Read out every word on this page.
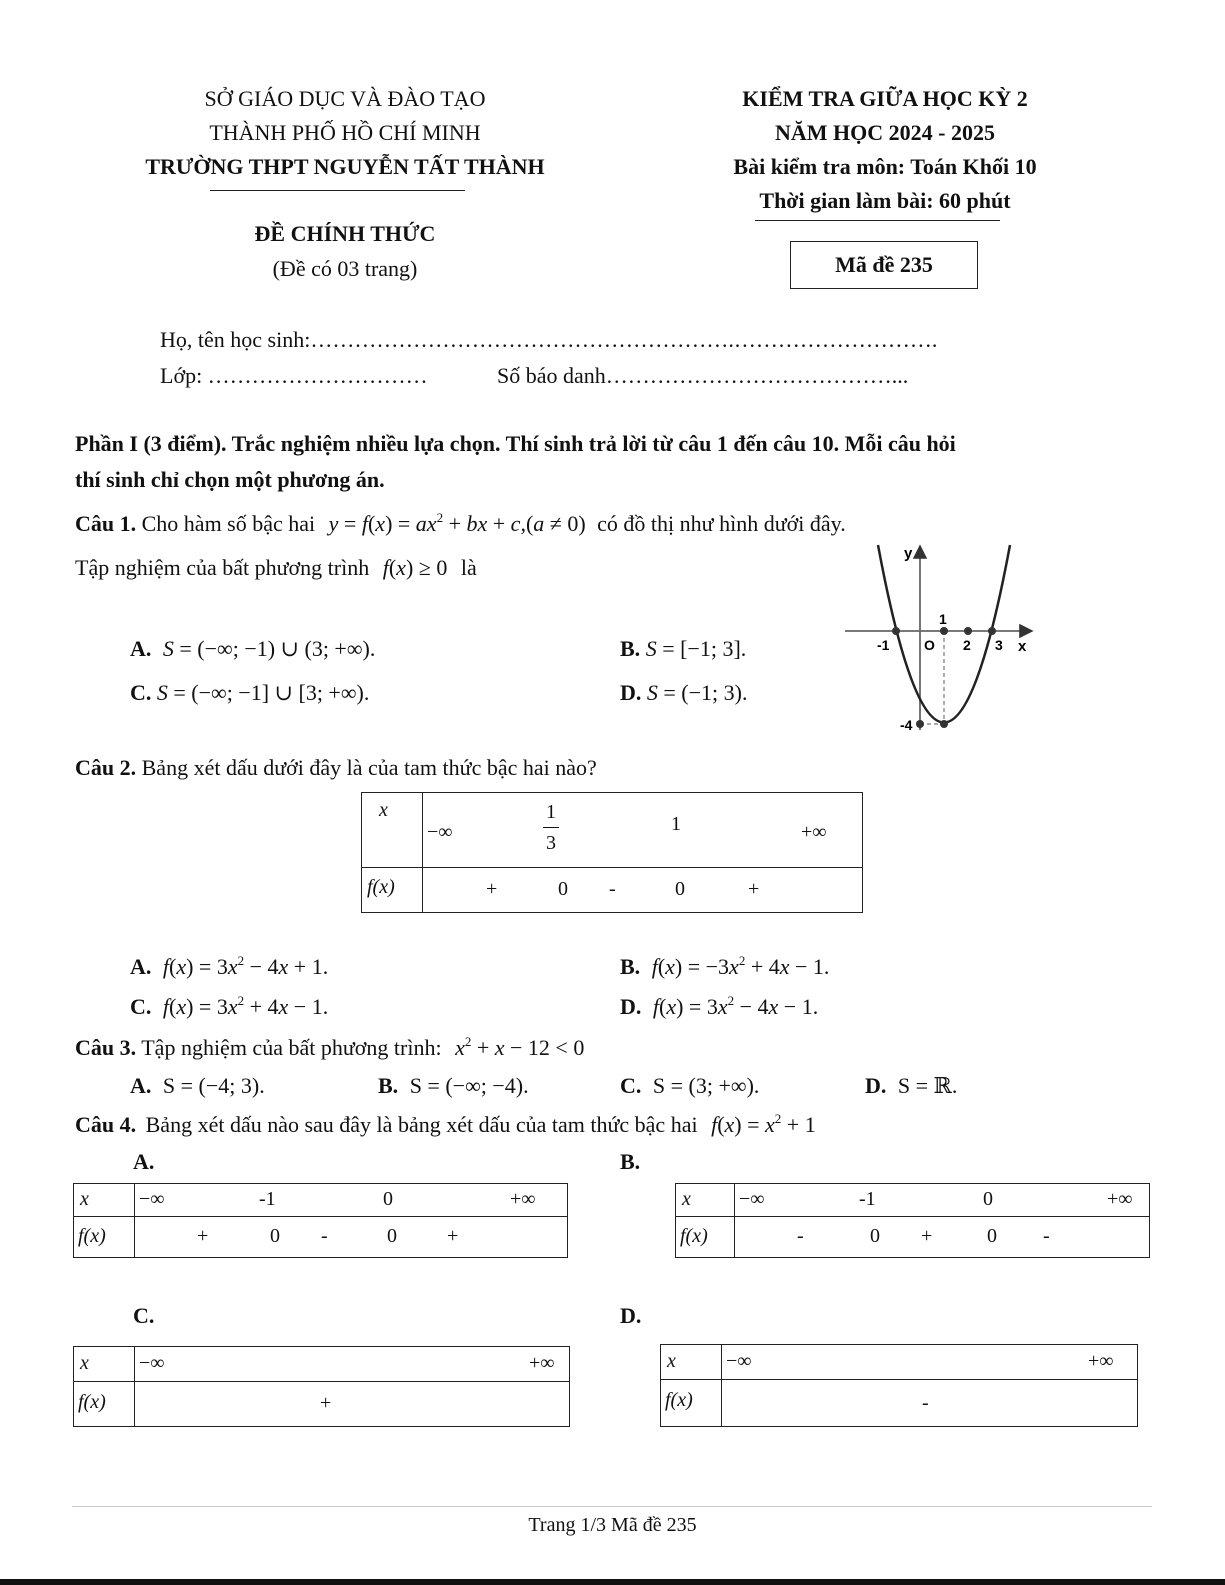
SỞ GIÁO DỤC VÀ ĐÀO TẠO
THÀNH PHỐ HỒ CHÍ MINH
TRƯỜNG THPT NGUYỄN TẤT THÀNH
ĐỀ CHÍNH THỨC
(Đề có 03 trang)
KIỂM TRA GIỮA HỌC KỲ 2
NĂM HỌC 2024 - 2025
Bài kiểm tra môn: Toán Khối 10
Thời gian làm bài: 60 phút
Mã đề 235
Họ, tên học sinh:………………………………………………….……………………….
Lớp: …………………………	Số báo danh…………………………………...
Phần I (3 điểm). Trắc nghiệm nhiều lựa chọn. Thí sinh trả lời từ câu 1 đến câu 10. Mỗi câu hỏi
thí sinh chỉ chọn một phương án.
Câu 1. Cho hàm số bậc hai $y = f(x) = ax^2$ + bx + c,(a ≠ 0) có đồ thị như hình dưới đây.
Tập nghiệm của bất phương trình f(x) ≥ 0 là
A. S = (−∞; −1) ∪ (3; +∞).	B. S = [−1; 3].
C. S = (−∞; −1] ∪ [3; +∞).	D. S = (−1; 3).
y
x
-1 O
1
2 3
-4
Câu 2. Bảng xét dấu dưới đây là của tam thức bậc hai nào?
x	−∞ $\frac{1}{3} 1$ +∞

f(x)	+ 0 - 0 +
A. $f(x) = 3x^2 - 4x + 1$.	B. $f(x) = -3x^2 + 4x - 1$.
C. $f(x) = 3x^2 + 4x - 1$.	D. $f(x) = 3x^2 - 4x - 1$.
Câu 3. Tập nghiệm của bất phương trình: $x^2 + x - 12 < 0$
A. S = (−4; 3).	B. S = (−∞; −4).	C. S = (3; +∞).	D. S = ℝ.
Câu 4. Bảng xét dấu nào sau đây là bảng xét dấu của tam thức bậc hai $f(x) = x^2 + 1$
A.
x	−∞ -1 0 +∞

f(x)	+ 0 - 0 +
B.
x	−∞ -1 0 +∞

f(x)	- 0 + 0 -
C.
x	−∞ +∞

f(x)	+
D.
x	−∞ +∞

f(x)	-
Trang 1/3 Mã đề 235
